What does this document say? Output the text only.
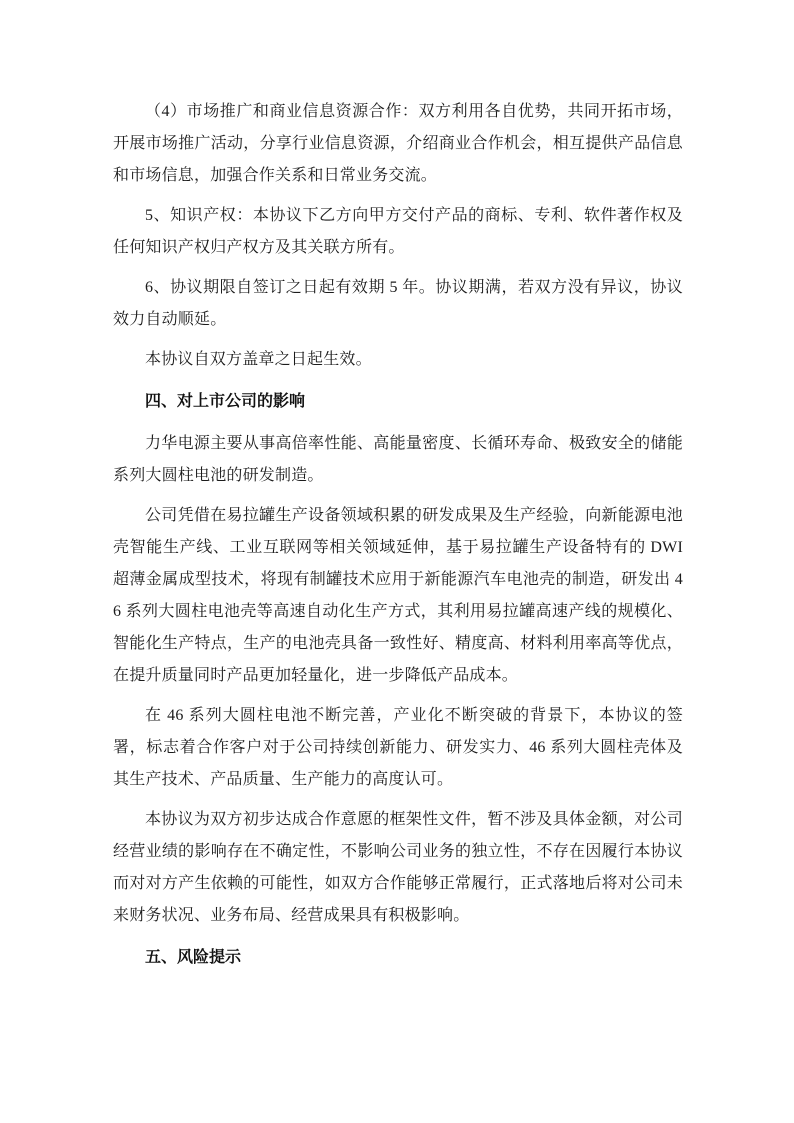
（4）市场推广和商业信息资源合作：双方利用各自优势，共同开拓市场，开展市场推广活动，分享行业信息资源，介绍商业合作机会，相互提供产品信息和市场信息，加强合作关系和日常业务交流。

5、知识产权：本协议下乙方向甲方交付产品的商标、专利、软件著作权及任何知识产权归产权方及其关联方所有。

6、协议期限自签订之日起有效期 5 年。协议期满，若双方没有异议，协议效力自动顺延。

本协议自双方盖章之日起生效。

四、对上市公司的影响

力华电源主要从事高倍率性能、高能量密度、长循环寿命、极致安全的储能系列大圆柱电池的研发制造。

公司凭借在易拉罐生产设备领域积累的研发成果及生产经验，向新能源电池壳智能生产线、工业互联网等相关领域延伸，基于易拉罐生产设备特有的 DWI 超薄金属成型技术，将现有制罐技术应用于新能源汽车电池壳的制造，研发出 46 系列大圆柱电池壳等高速自动化生产方式，其利用易拉罐高速产线的规模化、智能化生产特点，生产的电池壳具备一致性好、精度高、材料利用率高等优点，在提升质量同时产品更加轻量化，进一步降低产品成本。

在 46 系列大圆柱电池不断完善，产业化不断突破的背景下，本协议的签署，标志着合作客户对于公司持续创新能力、研发实力、46 系列大圆柱壳体及其生产技术、产品质量、生产能力的高度认可。

本协议为双方初步达成合作意愿的框架性文件，暂不涉及具体金额，对公司经营业绩的影响存在不确定性，不影响公司业务的独立性，不存在因履行本协议而对对方产生依赖的可能性，如双方合作能够正常履行，正式落地后将对公司未来财务状况、业务布局、经营成果具有积极影响。

五、风险提示
